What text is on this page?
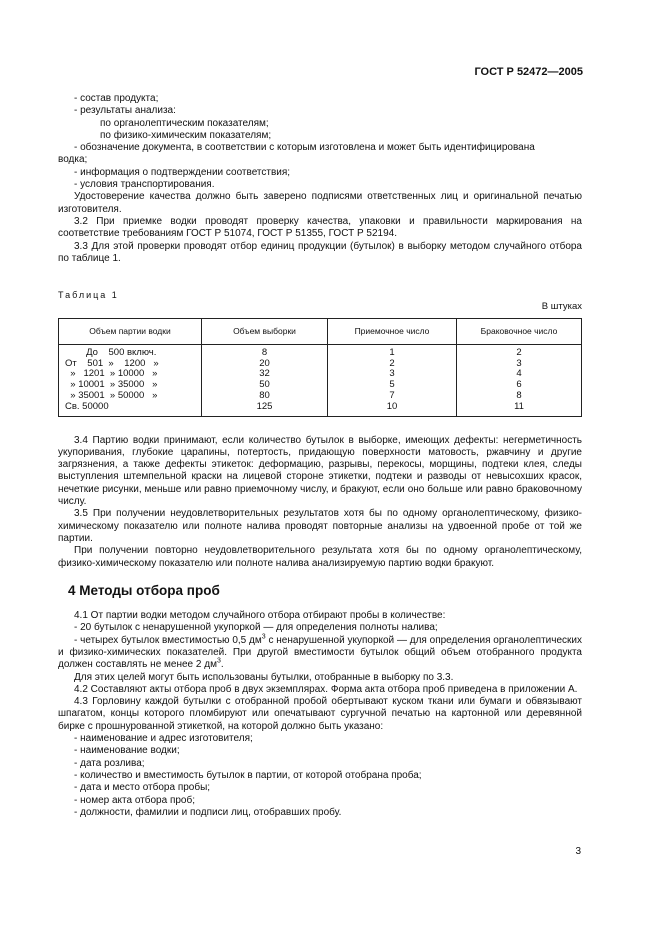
ГОСТ Р 52472—2005
- состав продукта;
- результаты анализа:
по органолептическим показателям;
по физико-химическим показателям;
- обозначение документа, в соответствии с которым изготовлена и может быть идентифицирована
водка;
- информация о подтверждении соответствия;
- условия транспортирования.
Удостоверение качества должно быть заверено подписями ответственных лиц и оригинальной печатью изготовителя.
3.2 При приемке водки проводят проверку качества, упаковки и правильности маркирования на соответствие требованиям ГОСТ Р 51074, ГОСТ Р 51355, ГОСТ Р 52194.
3.3 Для этой проверки проводят отбор единиц продукции (бутылок) в выборку методом случайного отбора по таблице 1.
Таблица 1
В штуках
Объем партии водки	Объем выборки	Приемочное число	Браковочное число
До    500 включ.	8	1	2
От    501  »    1200   »	20	2	3
»   1201  » 10000   »	32	3	4
» 10001  » 35000   »	50	5	6
» 35001  » 50000   »	80	7	8
Св. 50000	125	10	11
3.4 Партию водки принимают, если количество бутылок в выборке, имеющих дефекты: негерметичность укупоривания, глубокие царапины, потертость, придающую поверхности матовость, ржавчину и другие загрязнения, а также дефекты этикеток: деформацию, разрывы, перекосы, морщины, подтеки клея, следы выступления штемпельной краски на лицевой стороне этикетки, подтеки и разводы от невысохших красок, нечеткие рисунки, меньше или равно приемочному числу, и бракуют, если оно больше или равно браковочному числу.
3.5 При получении неудовлетворительных результатов хотя бы по одному органолептическому, физико-химическому показателю или полноте налива проводят повторные анализы на удвоенной пробе от той же партии.
При получении повторно неудовлетворительного результата хотя бы по одному органолептическому, физико-химическому показателю или полноте налива анализируемую партию водки бракуют.
4 Методы отбора проб
4.1 От партии водки методом случайного отбора отбирают пробы в количестве:
- 20 бутылок с ненарушенной укупоркой — для определения полноты налива;
- четырех бутылок вместимостью 0,5 $дм^3$ с ненарушенной укупоркой — для определения органолептических и физико-химических показателей. При другой вместимости бутылок общий объем отобранного продукта должен составлять не менее 2 $дм^3$.
Для этих целей могут быть использованы бутылки, отобранные в выборку по 3.3.
4.2 Составляют акты отбора проб в двух экземплярах. Форма акта отбора проб приведена в приложении А.
4.3 Горловину каждой бутылки с отобранной пробой обертывают куском ткани или бумаги и обвязывают шпагатом, концы которого пломбируют или опечатывают сургучной печатью на картонной или деревянной бирке с прошнурованной этикеткой, на которой должно быть указано:
- наименование и адрес изготовителя;
- наименование водки;
- дата розлива;
- количество и вместимость бутылок в партии, от которой отобрана проба;
- дата и место отбора пробы;
- номер акта отбора проб;
- должности, фамилии и подписи лиц, отобравших пробу.
3
